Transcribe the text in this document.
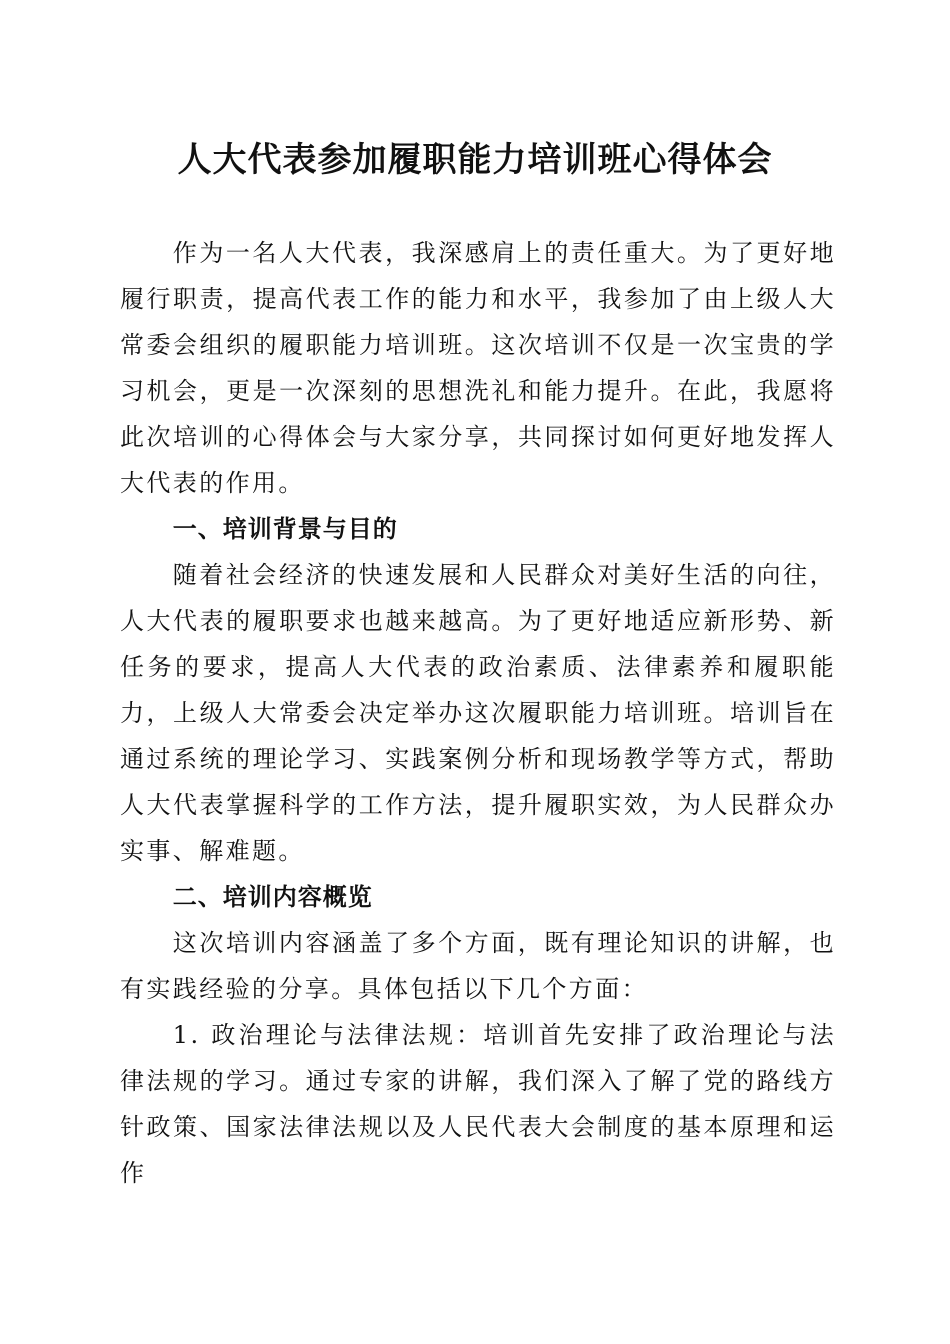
人大代表参加履职能力培训班心得体会

作为一名人大代表，我深感肩上的责任重大。为了更好地履行职责，提高代表工作的能力和水平，我参加了由上级人大常委会组织的履职能力培训班。这次培训不仅是一次宝贵的学习机会，更是一次深刻的思想洗礼和能力提升。在此，我愿将此次培训的心得体会与大家分享，共同探讨如何更好地发挥人大代表的作用。

一、培训背景与目的

随着社会经济的快速发展和人民群众对美好生活的向往，人大代表的履职要求也越来越高。为了更好地适应新形势、新任务的要求，提高人大代表的政治素质、法律素养和履职能力，上级人大常委会决定举办这次履职能力培训班。培训旨在通过系统的理论学习、实践案例分析和现场教学等方式，帮助人大代表掌握科学的工作方法，提升履职实效，为人民群众办实事、解难题。

二、培训内容概览

这次培训内容涵盖了多个方面，既有理论知识的讲解，也有实践经验的分享。具体包括以下几个方面：

1. 政治理论与法律法规：培训首先安排了政治理论与法律法规的学习。通过专家的讲解，我们深入了解了党的路线方针政策、国家法律法规以及人民代表大会制度的基本原理和运作
